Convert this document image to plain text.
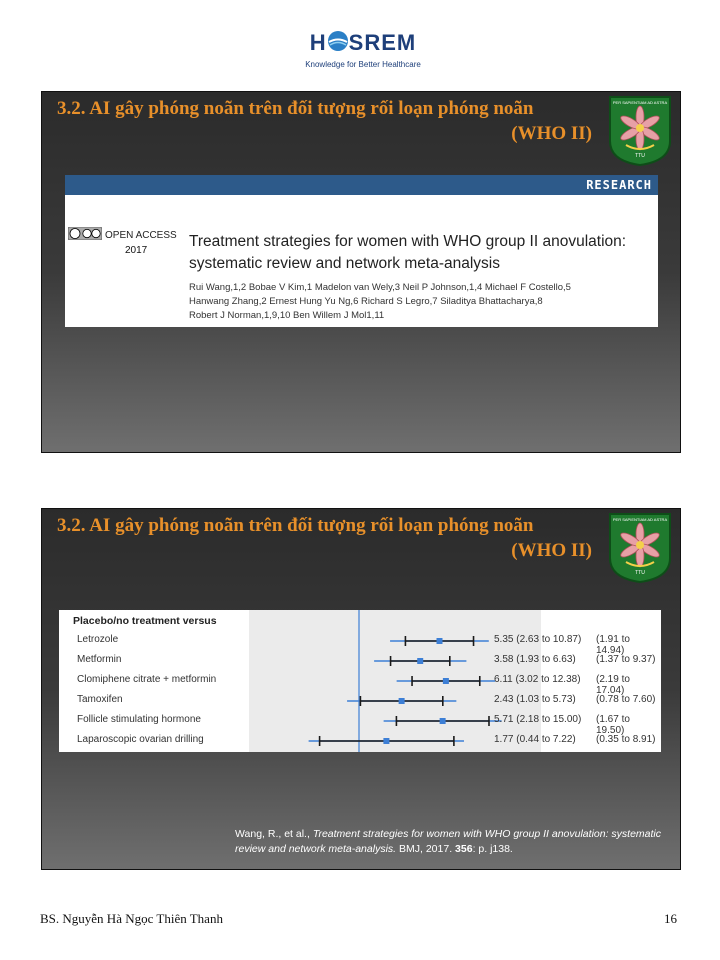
H SREM
Knowledge for Better Healthcare
3.2. AI gây phóng noãn trên đối tượng rối loạn phóng noãn
(WHO II)
PER SAPIENTIAM AD ASTRA
TTU
RESEARCH
OPEN ACCESS
2017
Treatment strategies for women with WHO group II anovulation: systematic review and network meta-analysis
Rui Wang,1,2 Bobae V Kim,1 Madelon van Wely,3 Neil P Johnson,1,4 Michael F Costello,5
Hanwang Zhang,2 Ernest Hung Yu Ng,6 Richard S Legro,7 Siladitya Bhattacharya,8
Robert J Norman,1,9,10 Ben Willem J Mol1,11
3.2. AI gây phóng noãn trên đối tượng rối loạn phóng noãn
(WHO II)
PER SAPIENTIAM AD ASTRA
TTU
Placebo/no treatment versus
Letrozole
Metformin
Clomiphene citrate + metformin
Tamoxifen
Follicle stimulating hormone
Laparoscopic ovarian drilling
5.35 (2.63 to 10.87)
3.58 (1.93 to 6.63)
6.11 (3.02 to 12.38)
2.43 (1.03 to 5.73)
5.71 (2.18 to 15.00)
1.77 (0.44 to 7.22)
(1.91 to 14.94)
(1.37 to 9.37)
(2.19 to 17.04)
(0.78 to 7.60)
(1.67 to 19.50)
(0.35 to 8.91)
Wang, R., et al., Treatment strategies for women with WHO group II anovulation: systematic review and network meta-analysis. BMJ, 2017. 356: p. j138.
BS. Nguyễn Hà Ngọc Thiên Thanh	16
